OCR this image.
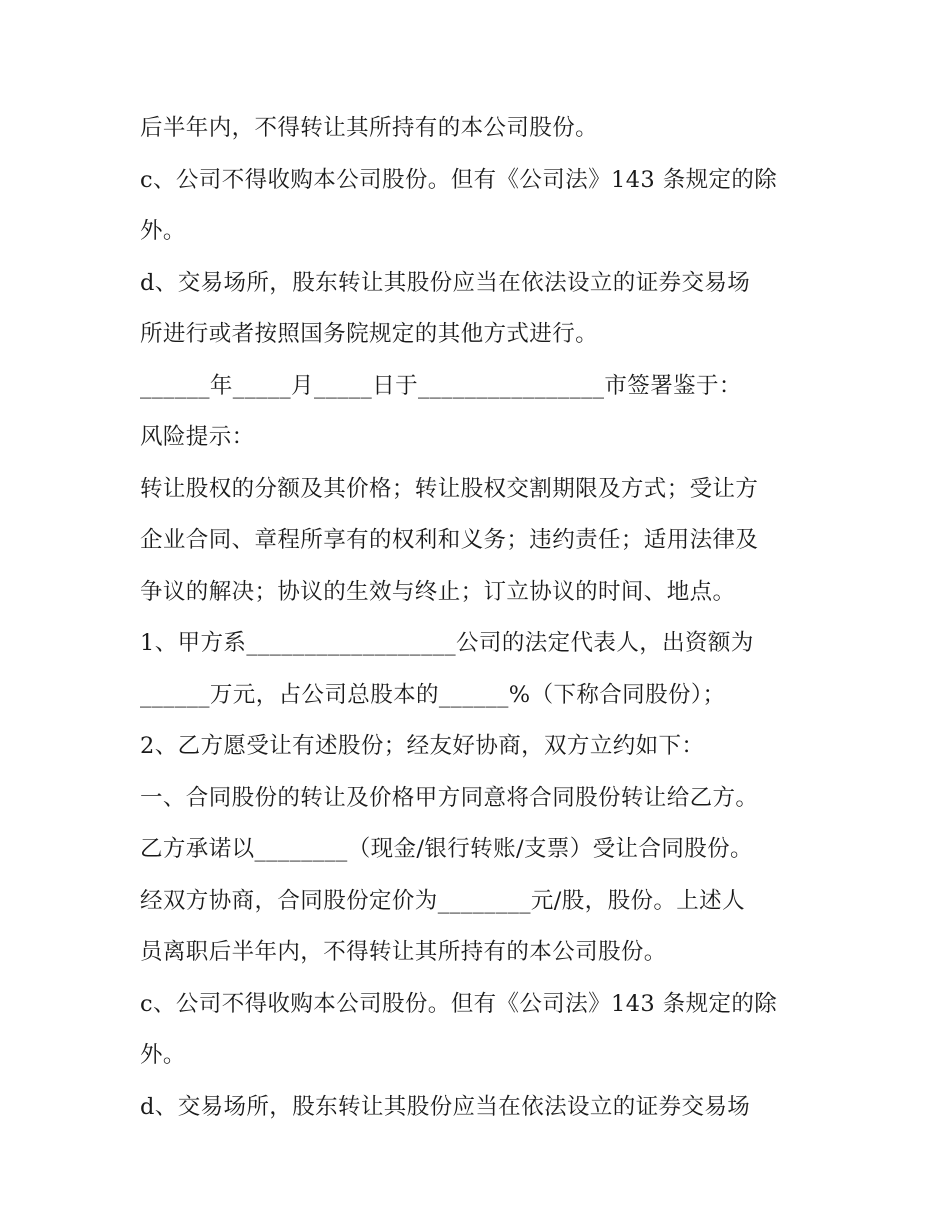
后半年内，不得转让其所持有的本公司股份。
c、公司不得收购本公司股份。但有《公司法》143 条规定的除
外。
d、交易场所，股东转让其股份应当在依法设立的证券交易场
所进行或者按照国务院规定的其他方式进行。
______年_____月_____日于________________市签署鉴于：
风险提示：
转让股权的分额及其价格；转让股权交割期限及方式；受让方
企业合同、章程所享有的权利和义务；违约责任；适用法律及
争议的解决；协议的生效与终止；订立协议的时间、地点。
1、甲方系__________________公司的法定代表人，出资额为
______万元，占公司总股本的______%（下称合同股份）；
2、乙方愿受让有述股份；经友好协商，双方立约如下：
一、合同股份的转让及价格甲方同意将合同股份转让给乙方。
乙方承诺以________（现金/银行转账/支票）受让合同股份。
经双方协商，合同股份定价为________元/股，股份。上述人
员离职后半年内，不得转让其所持有的本公司股份。
c、公司不得收购本公司股份。但有《公司法》143 条规定的除
外。
d、交易场所，股东转让其股份应当在依法设立的证券交易场
